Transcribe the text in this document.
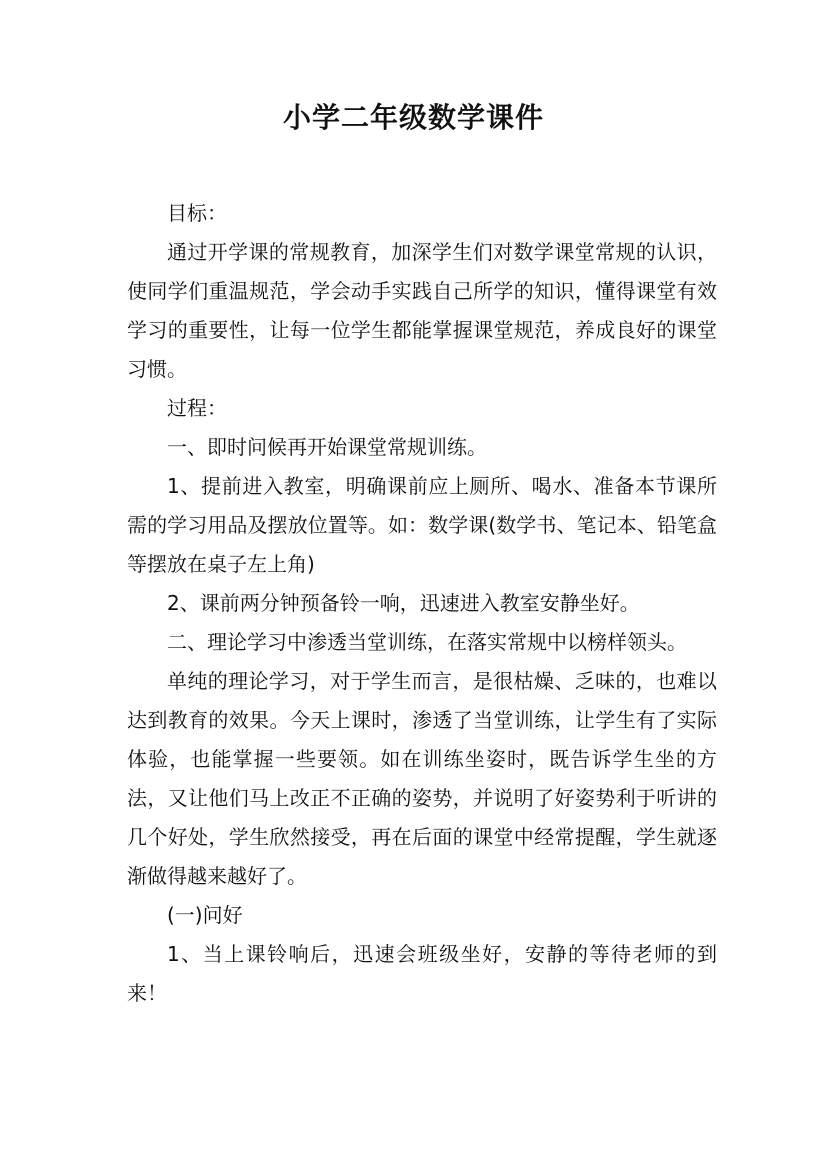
小学二年级数学课件

目标：

通过开学课的常规教育，加深学生们对数学课堂常规的认识，使同学们重温规范，学会动手实践自己所学的知识，懂得课堂有效学习的重要性，让每一位学生都能掌握课堂规范，养成良好的课堂习惯。

过程：

一、即时问候再开始课堂常规训练。

1、提前进入教室，明确课前应上厕所、喝水、准备本节课所需的学习用品及摆放位置等。如：数学课(数学书、笔记本、铅笔盒等摆放在桌子左上角)

2、课前两分钟预备铃一响，迅速进入教室安静坐好。

二、理论学习中渗透当堂训练，在落实常规中以榜样领头。

单纯的理论学习，对于学生而言，是很枯燥、乏味的，也难以达到教育的效果。今天上课时，渗透了当堂训练，让学生有了实际体验，也能掌握一些要领。如在训练坐姿时，既告诉学生坐的方法，又让他们马上改正不正确的姿势，并说明了好姿势利于听讲的几个好处，学生欣然接受，再在后面的课堂中经常提醒，学生就逐渐做得越来越好了。

(一)问好

1、当上课铃响后，迅速会班级坐好，安静的等待老师的到来！
